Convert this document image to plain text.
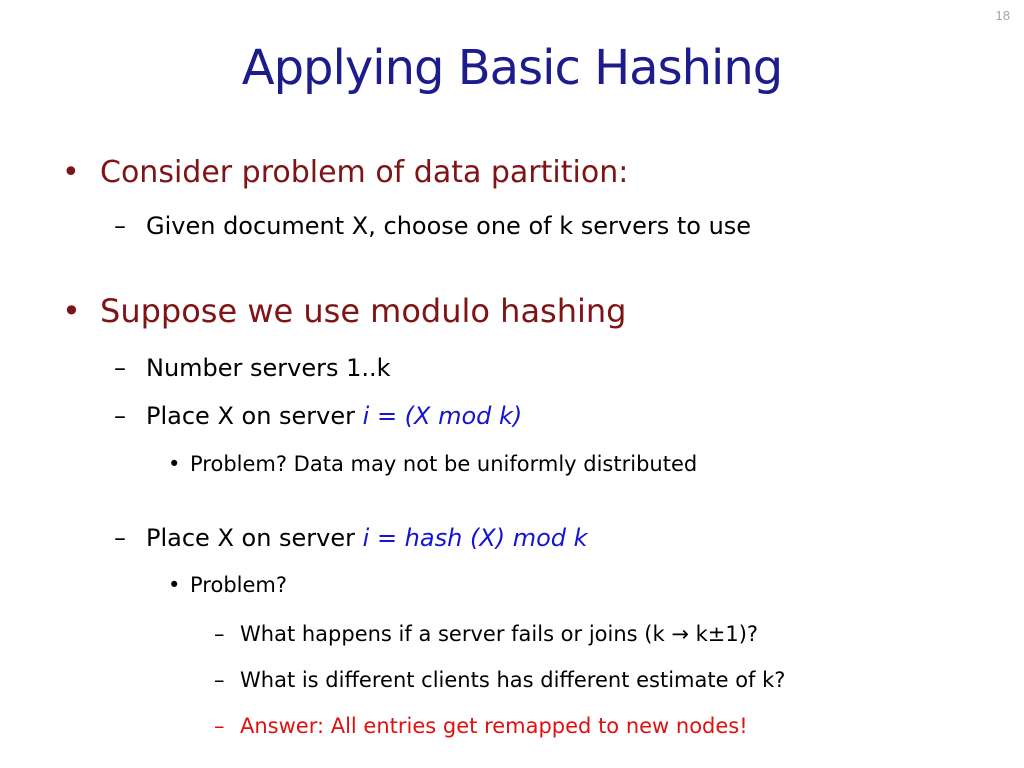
18
Applying Basic Hashing
• Consider problem of data partition:
– Given document X, choose one of k servers to use
• Suppose we use modulo hashing
– Number servers 1..k
– Place X on server i = (X mod k)
• Problem? Data may not be uniformly distributed
– Place X on server i = hash (X) mod k
• Problem?
– What happens if a server fails or joins (k → k±1)?
– What is different clients has different estimate of k?
– Answer: All entries get remapped to new nodes!
